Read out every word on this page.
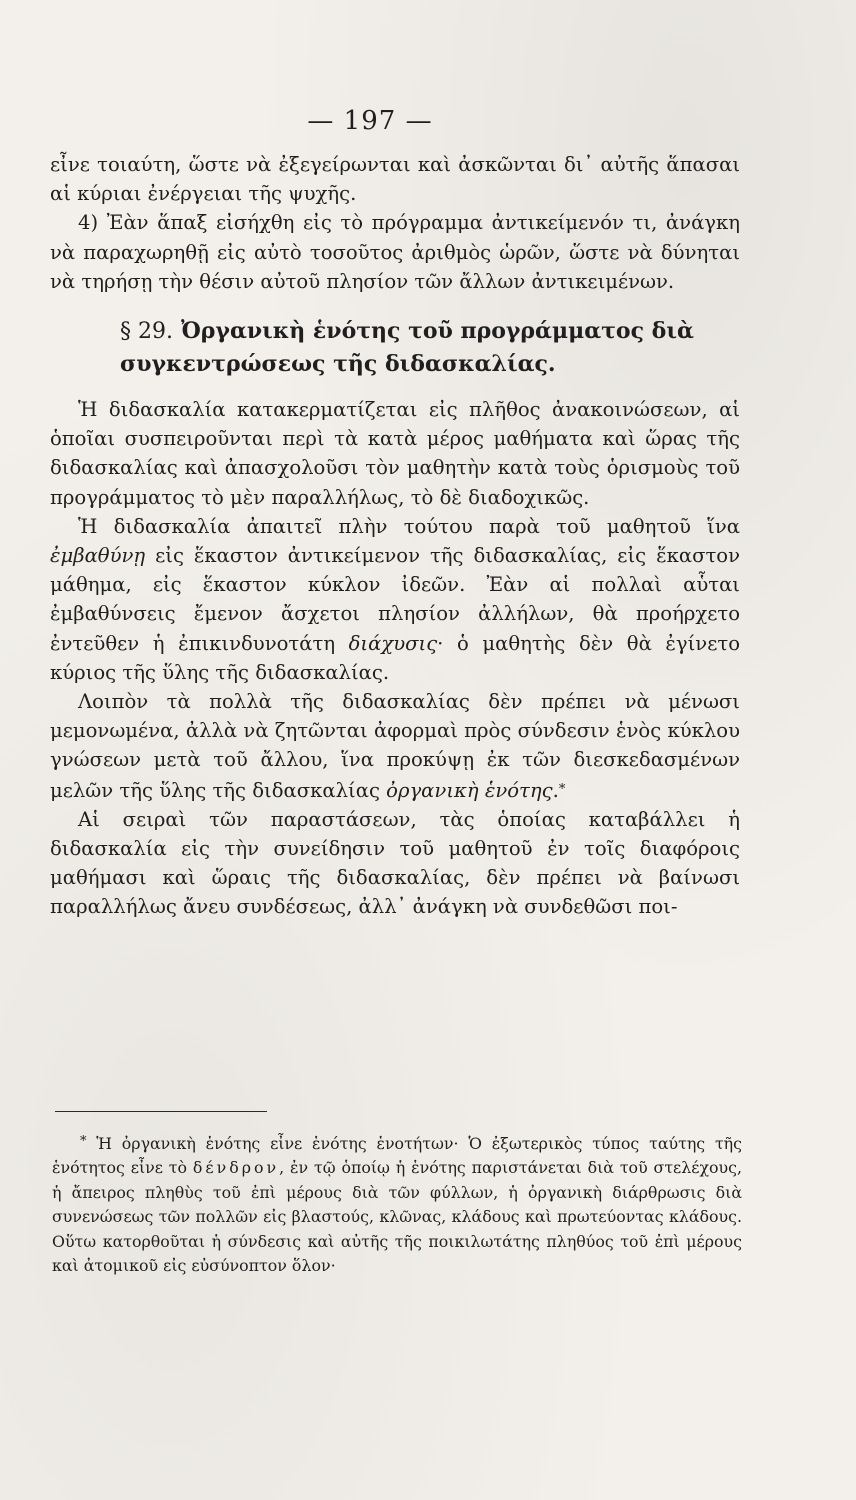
— 197 —

εἶνε τοιαύτη, ὥστε νὰ ἐξεγείρωνται καὶ ἀσκῶνται δι᾽ αὐτῆς ἅπασαι αἱ κύριαι ἐνέργειαι τῆς ψυχῆς.

4) Ἐὰν ἅπαξ εἰσήχθη εἰς τὸ πρόγραμμα ἀντικείμενόν τι, ἀνάγκη νὰ παραχωρηθῇ εἰς αὐτὸ τοσοῦτος ἀριθμὸς ὡρῶν, ὥστε νὰ δύνηται νὰ τηρήσῃ τὴν θέσιν αὐτοῦ πλησίον τῶν ἄλλων ἀντικειμένων.

§ 29. Ὀργανικὴ ἑνότης τοῦ προγράμματος διὰ συγκεντρώσεως τῆς διδασκαλίας.

Ἡ διδασκαλία κατακερματίζεται εἰς πλῆθος ἀνακοινώσεων, αἱ ὁποῖαι συσπειροῦνται περὶ τὰ κατὰ μέρος μαθήματα καὶ ὥρας τῆς διδασκαλίας καὶ ἀπασχολοῦσι τὸν μαθητὴν κατὰ τοὺς ὁρισμοὺς τοῦ προγράμματος τὸ μὲν παραλλήλως, τὸ δὲ διαδοχικῶς.

Ἡ διδασκαλία ἀπαιτεῖ πλὴν τούτου παρὰ τοῦ μαθητοῦ ἵνα ἐμβαθύνῃ εἰς ἕκαστον ἀντικείμενον τῆς διδασκαλίας, εἰς ἕκαστον μάθημα, εἰς ἕκαστον κύκλον ἰδεῶν. Ἐὰν αἱ πολλαὶ αὗται ἐμβαθύνσεις ἔμενον ἄσχετοι πλησίον ἀλλήλων, θὰ προήρχετο ἐντεῦθεν ἡ ἐπικινδυνοτάτη διάχυσις· ὁ μαθητὴς δὲν θὰ ἐγίνετο κύριος τῆς ὕλης τῆς διδασκαλίας.

Λοιπὸν τὰ πολλὰ τῆς διδασκαλίας δὲν πρέπει νὰ μένωσι μεμονωμένα, ἀλλὰ νὰ ζητῶνται ἀφορμαὶ πρὸς σύνδεσιν ἑνὸς κύκλου γνώσεων μετὰ τοῦ ἄλλου, ἵνα προκύψῃ ἐκ τῶν διεσκεδασμένων μελῶν τῆς ὕλης τῆς διδασκαλίας ὀργανικὴ ἑνότης.*

Αἱ σειραὶ τῶν παραστάσεων, τὰς ὁποίας καταβάλλει ἡ διδασκαλία εἰς τὴν συνείδησιν τοῦ μαθητοῦ ἐν τοῖς διαφόροις μαθήμασι καὶ ὥραις τῆς διδασκαλίας, δὲν πρέπει νὰ βαίνωσι παραλλήλως ἄνευ συνδέσεως, ἀλλ᾽ ἀνάγκη νὰ συνδεθῶσι ποι-

* Ἡ ὀργανικὴ ἑνότης εἶνε ἑνότης ἑνοτήτων· Ὁ ἐξωτερικὸς τύπος ταύτης τῆς ἑνότητος εἶνε τὸ δένδρον, ἐν τῷ ὁποίῳ ἡ ἑνότης παριστάνεται διὰ τοῦ στελέχους, ἡ ἄπειρος πληθὺς τοῦ ἐπὶ μέρους διὰ τῶν φύλλων, ἡ ὀργανικὴ διάρθρωσις διὰ συνενώσεως τῶν πολλῶν εἰς βλαστούς, κλῶνας, κλάδους καὶ πρωτεύοντας κλάδους. Οὕτω κατορθοῦται ἡ σύνδεσις καὶ αὐτῆς τῆς ποικιλωτάτης πληθύος τοῦ ἐπὶ μέρους καὶ ἀτομικοῦ εἰς εὐσύνοπτον ὅλον·
